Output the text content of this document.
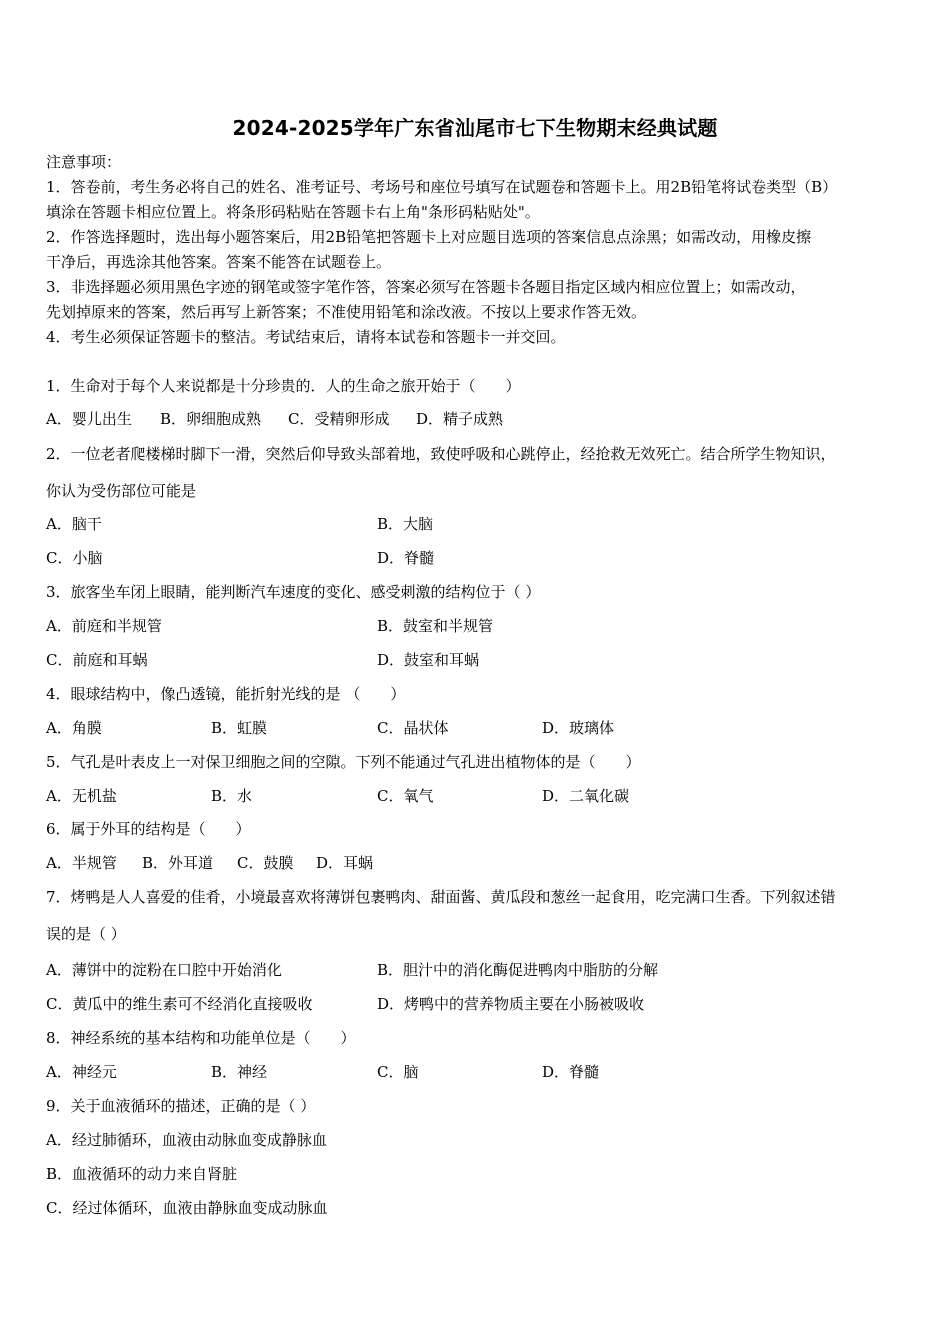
2024-2025学年广东省汕尾市七下生物期末经典试题
注意事项：
1．答卷前，考生务必将自己的姓名、准考证号、考场号和座位号填写在试题卷和答题卡上。用2B铅笔将试卷类型（B）
填涂在答题卡相应位置上。将条形码粘贴在答题卡右上角"条形码粘贴处"。
2．作答选择题时，选出每小题答案后，用2B铅笔把答题卡上对应题目选项的答案信息点涂黑；如需改动，用橡皮擦
干净后，再选涂其他答案。答案不能答在试题卷上。
3．非选择题必须用黑色字迹的钢笔或签字笔作答，答案必须写在答题卡各题目指定区域内相应位置上；如需改动，
先划掉原来的答案，然后再写上新答案；不准使用铅笔和涂改液。不按以上要求作答无效。
4．考生必须保证答题卡的整洁。考试结束后，请将本试卷和答题卡一并交回。
1．生命对于每个人来说都是十分珍贵的．人的生命之旅开始于（　　）
A．婴儿出生 B．卵细胞成熟 C．受精卵形成 D．精子成熟
2．一位老者爬楼梯时脚下一滑，突然后仰导致头部着地，致使呼吸和心跳停止，经抢救无效死亡。结合所学生物知识，
你认为受伤部位可能是
A．脑干	B．大脑
C．小脑	D．脊髓
3．旅客坐车闭上眼睛，能判断汽车速度的变化、感受刺激的结构位于（ ）
A．前庭和半规管	B．鼓室和半规管
C．前庭和耳蜗	D．鼓室和耳蜗
4．眼球结构中，像凸透镜，能折射光线的是 （　　）
A．角膜	B．虹膜	C．晶状体	D．玻璃体
5．气孔是叶表皮上一对保卫细胞之间的空隙。下列不能通过气孔进出植物体的是（　　）
A．无机盐	B．水	C．氧气	D．二氧化碳
6．属于外耳的结构是（　　）
A．半规管 B．外耳道 C．鼓膜 D．耳蜗
7．烤鸭是人人喜爱的佳肴，小境最喜欢将薄饼包裹鸭肉、甜面酱、黄瓜段和葱丝一起食用，吃完满口生香。下列叙述错
误的是（ ）
A．薄饼中的淀粉在口腔中开始消化	B．胆汁中的消化酶促进鸭肉中脂肪的分解
C．黄瓜中的维生素可不经消化直接吸收	D．烤鸭中的营养物质主要在小肠被吸收
8．神经系统的基本结构和功能单位是（　　）
A．神经元	B．神经	C．脑	D．脊髓
9．关于血液循环的描述，正确的是（ ）
A．经过肺循环，血液由动脉血变成静脉血
B．血液循环的动力来自肾脏
C．经过体循环，血液由静脉血变成动脉血
